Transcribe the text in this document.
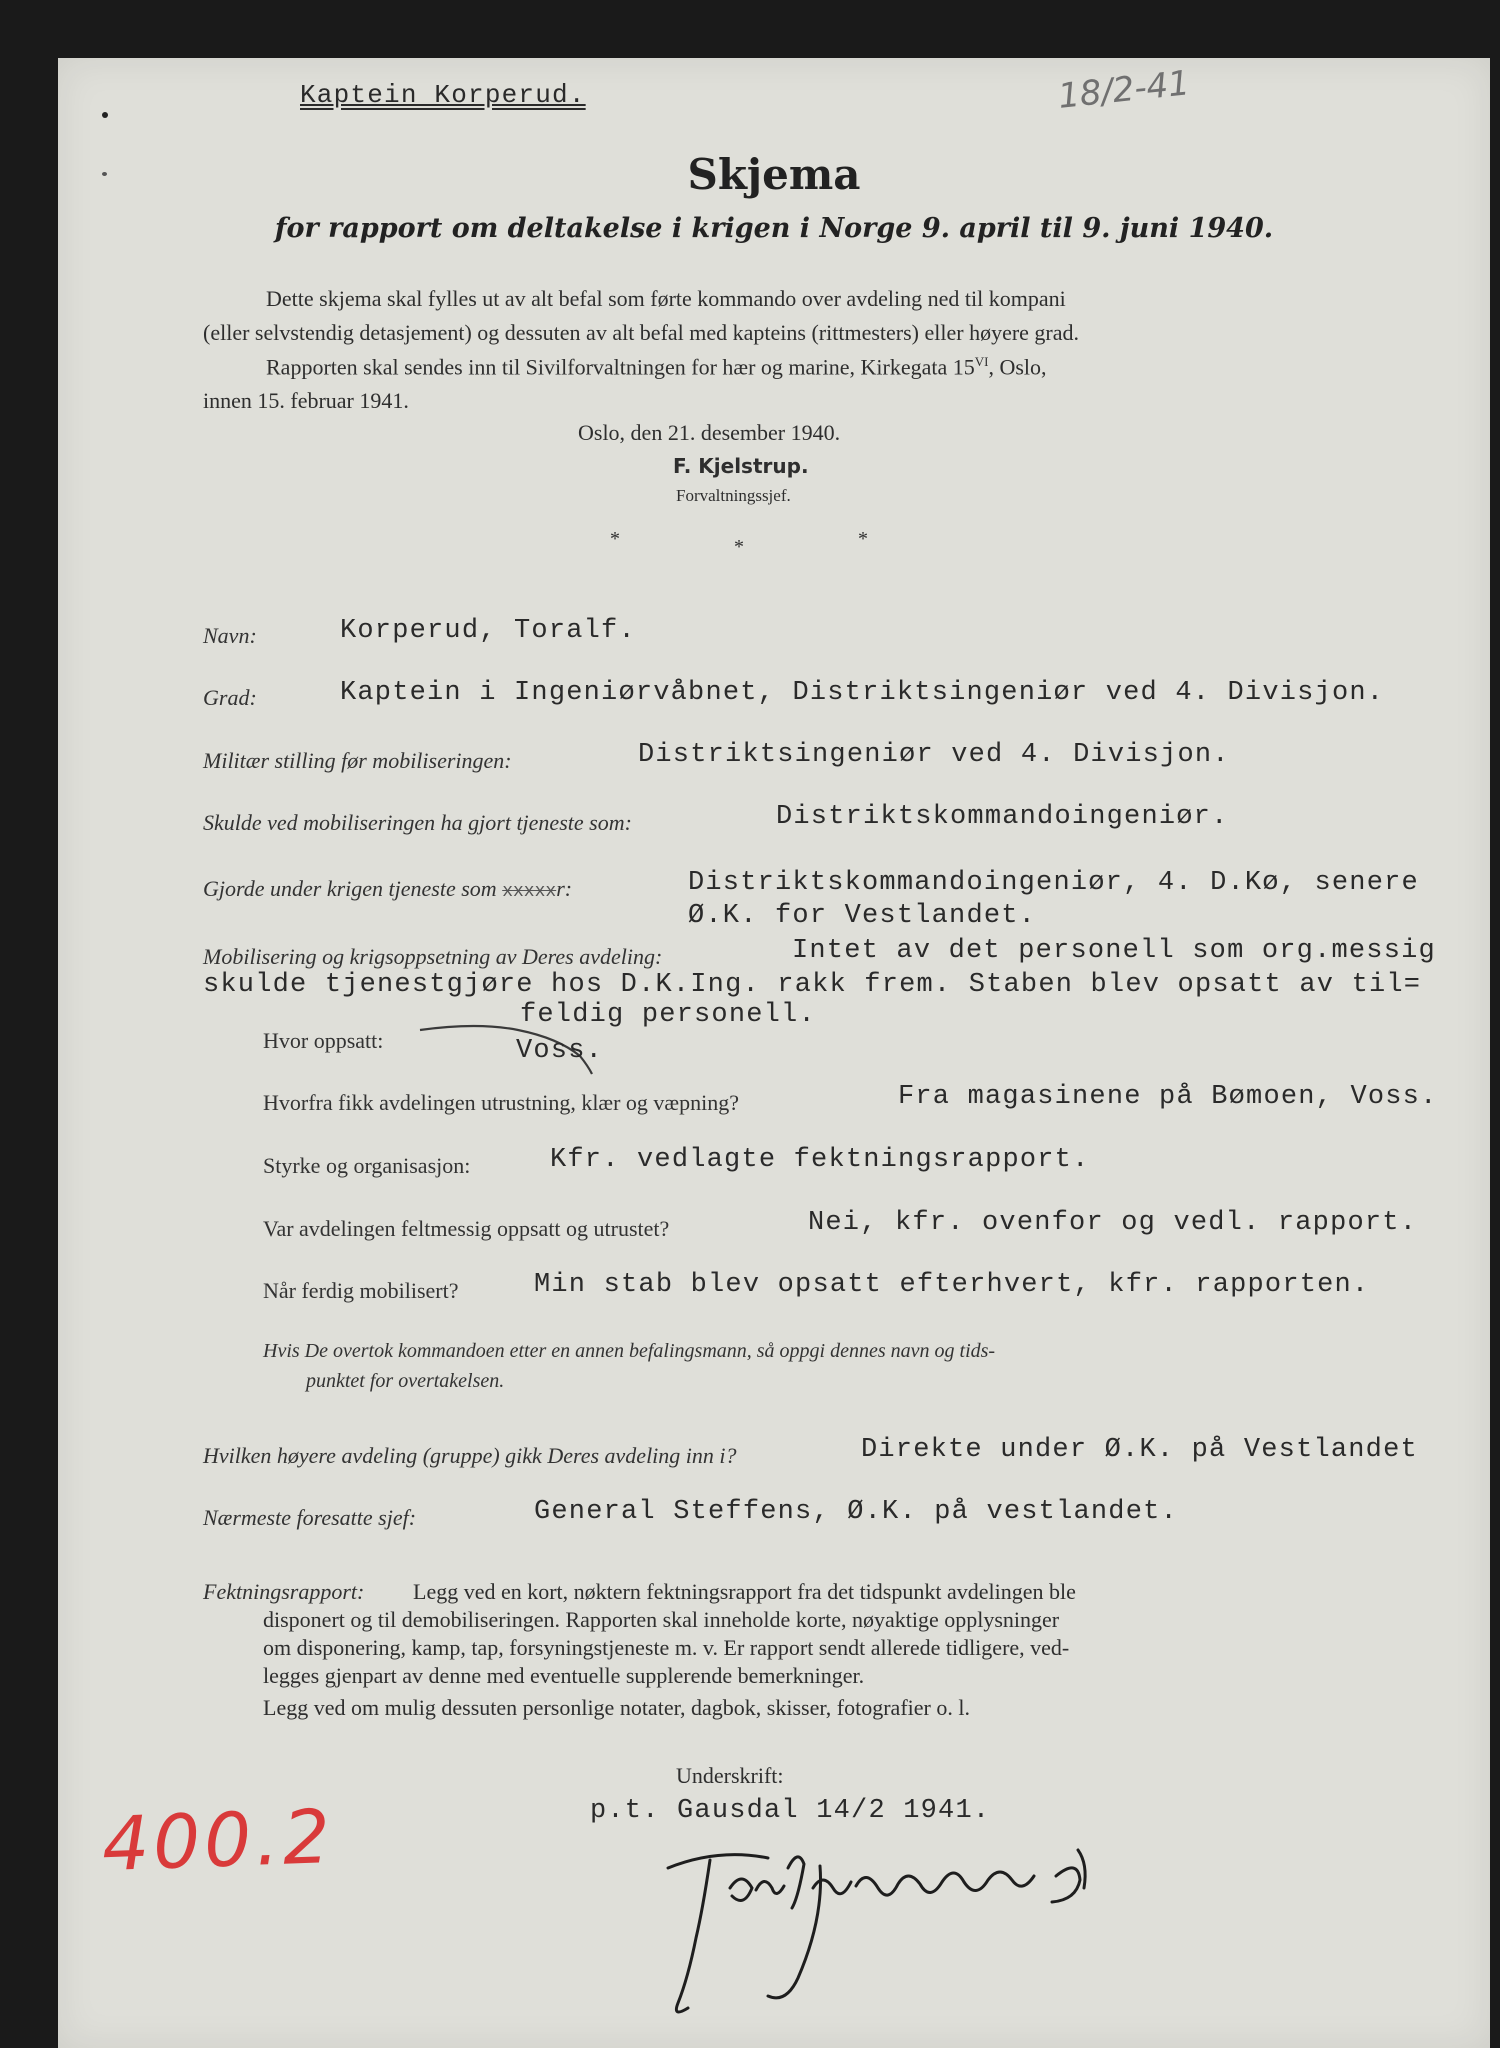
Kaptein Korperud.	18/2-41
Skjema
for rapport om deltakelse i krigen i Norge 9. april til 9. juni 1940.
Dette skjema skal fylles ut av alt befal som førte kommando over avdeling ned til kompani
(eller selvstendig detasjement) og dessuten av alt befal med kapteins (rittmesters) eller høyere grad.
Rapporten skal sendes inn til Sivilforvaltningen for hær og marine, Kirkegata $15^{VI}$, Oslo,
innen 15. februar 1941.
Oslo, den 21. desember 1940.
F. Kjelstrup.
Forvaltningssjef.
*	*	*
Navn:	Korperud, Toralf.
Grad:	Kaptein i Ingeniørvåbnet, Distriktsingeniør ved 4. Divisjon.
Militær stilling før mobiliseringen:	Distriktsingeniør ved 4. Divisjon.
Skulde ved mobiliseringen ha gjort tjeneste som:	Distriktskommandoingeniør.
Gjorde under krigen tjeneste som xxxxxr:	Distriktskommandoingeniør, 4. D.Kø, senere
Ø.K. for Vestlandet.
Mobilisering og krigsoppsetning av Deres avdeling:	Intet av det personell som org.messig
skulde tjenestgjøre hos D.K.Ing. rakk frem. Staben blev opsatt av til=
feldig personell.
Hvor oppsatt:	Voss.
Hvorfra fikk avdelingen utrustning, klær og væpning?	Fra magasinene på Bømoen, Voss.
Styrke og organisasjon:	Kfr. vedlagte fektningsrapport.
Var avdelingen feltmessig oppsatt og utrustet?	Nei, kfr. ovenfor og vedl. rapport.
Når ferdig mobilisert?	Min stab blev opsatt efterhvert, kfr. rapporten.
Hvis De overtok kommandoen etter en annen befalingsmann, så oppgi dennes navn og tids-
punktet for overtakelsen.
Hvilken høyere avdeling (gruppe) gikk Deres avdeling inn i?	Direkte under Ø.K. på Vestlandet
Nærmeste foresatte sjef:	General Steffens, Ø.K. på vestlandet.
Fektningsrapport: Legg ved en kort, nøktern fektningsrapport fra det tidspunkt avdelingen ble
disponert og til demobiliseringen. Rapporten skal inneholde korte, nøyaktige opplysninger
om disponering, kamp, tap, forsyningstjeneste m. v. Er rapport sendt allerede tidligere, ved-
legges gjenpart av denne med eventuelle supplerende bemerkninger.
Legg ved om mulig dessuten personlige notater, dagbok, skisser, fotografier o. l.
Underskrift:
p.t. Gausdal 14/2 1941.
400.2
